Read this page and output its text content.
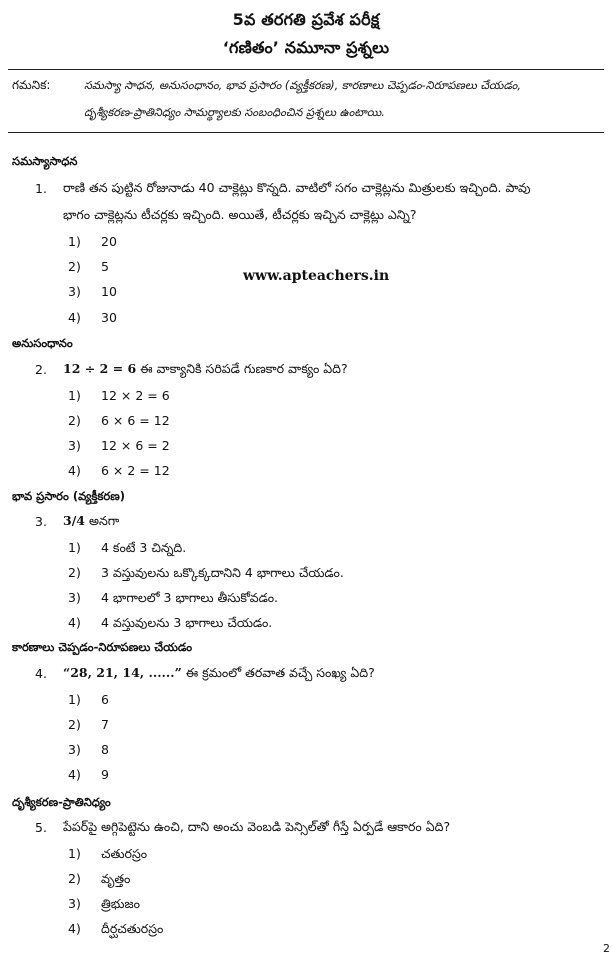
5వ తరగతి ప్రవేశ పరీక్ష
‘గణితం’ నమూనా ప్రశ్నలు
గమనిక:	సమస్యా సాధన, అనుసంధానం, భావ ప్రసారం (వ్యక్తీకరణ), కారణాలు చెప్పడం-నిరూపణలు చేయడం,
దృశ్యీకరణ-ప్రాతినిధ్యం సామర్థ్యాలకు సంబంధించిన ప్రశ్నలు ఉంటాయి.
సమస్యాసాధన
1. రాణి తన పుట్టిన రోజునాడు 40 చాక్లెట్లు కొన్నది. వాటిలో సగం చాక్లెట్లను మిత్రులకు ఇచ్చింది. పావు
భాగం చాక్లెట్లను టీచర్లకు ఇచ్చింది. అయితే, టీచర్లకు ఇచ్చిన చాక్లెట్లు ఎన్ని?
1) 20
2) 5
3) 10
4) 30
www.apteachers.in
అనుసంధానం
2. 12 ÷ 2 = 6 ఈ వాక్యానికి సరిపడే గుణకార వాక్యం ఏది?
1) 12 × 2 = 6
2) 6 × 6 = 12
3) 12 × 6 = 2
4) 6 × 2 = 12
భావ ప్రసారం (వ్యక్తీకరణ)
3. 3/4 అనగా
1) 4 కంటే 3 చిన్నది.
2) 3 వస్తువులను ఒక్కొక్కదానిని 4 భాగాలు చేయడం.
3) 4 భాగాలలో 3 భాగాలు తీసుకోవడం.
4) 4 వస్తువులను 3 భాగాలు చేయడం.
కారణాలు చెప్పడం-నిరూపణలు చేయడం
4. “28, 21, 14, ......” ఈ క్రమంలో తరవాత వచ్చే సంఖ్య ఏది?
1) 6
2) 7
3) 8
4) 9
దృశ్యీకరణ-ప్రాతినిధ్యం
5. పేపర్‌పై అగ్గిపెట్టెను ఉంచి, దాని అంచు వెంబడి పెన్సిల్‌తో గీస్తే ఏర్పడే ఆకారం ఏది?
1) చతురస్రం
2) వృత్తం
3) త్రిభుజం
4) దీర్ఘచతురస్రం
2
